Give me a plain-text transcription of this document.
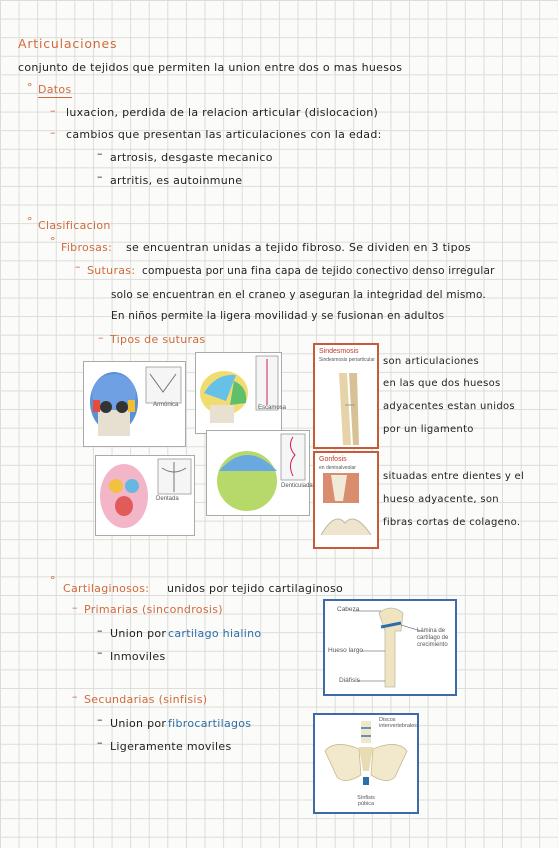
Articulaciones
conjunto de tejidos que permiten la union entre dos o mas huesos
° Datos
– luxacion, perdida de la relacion articular (dislocacion)
– cambios que presentan las articulaciones con la edad:
– artrosis, desgaste mecanico
– artritis, es autoinmune
° Clasificacion
° Fibrosas: se encuentran unidas a tejido fibroso. Se dividen en 3 tipos
– Suturas: compuesta por una fina capa de tejido conectivo denso irregular
solo se encuentran en el craneo y aseguran la integridad del mismo.
En niños permite la ligera movilidad y se fusionan en adultos
– Tipos de suturas
Armónica	Escamosa
Dentada
Denticulada
Sindesmosis
Sindesmosis periarticular son articulaciones
en las que dos huesos
adyacentes estan unidos
por un ligamento
Gonfosis
en dentoalveolar
situadas entre dientes y el
hueso adyacente, son
fibras cortas de colageno.
°
Cartilaginosos: unidos por tejido cartilaginoso
– Primarias (sincondrosis)
– Union por cartilago hialino
– Inmoviles
Cabeza
Lámina de cartílago de crecimiento
Hueso largo
Diáfisis
– Secundarias (sinfisis)
– Union por fibrocartilagos
– Ligeramente moviles
Discos intervertebrales
Sínfisis púbica
